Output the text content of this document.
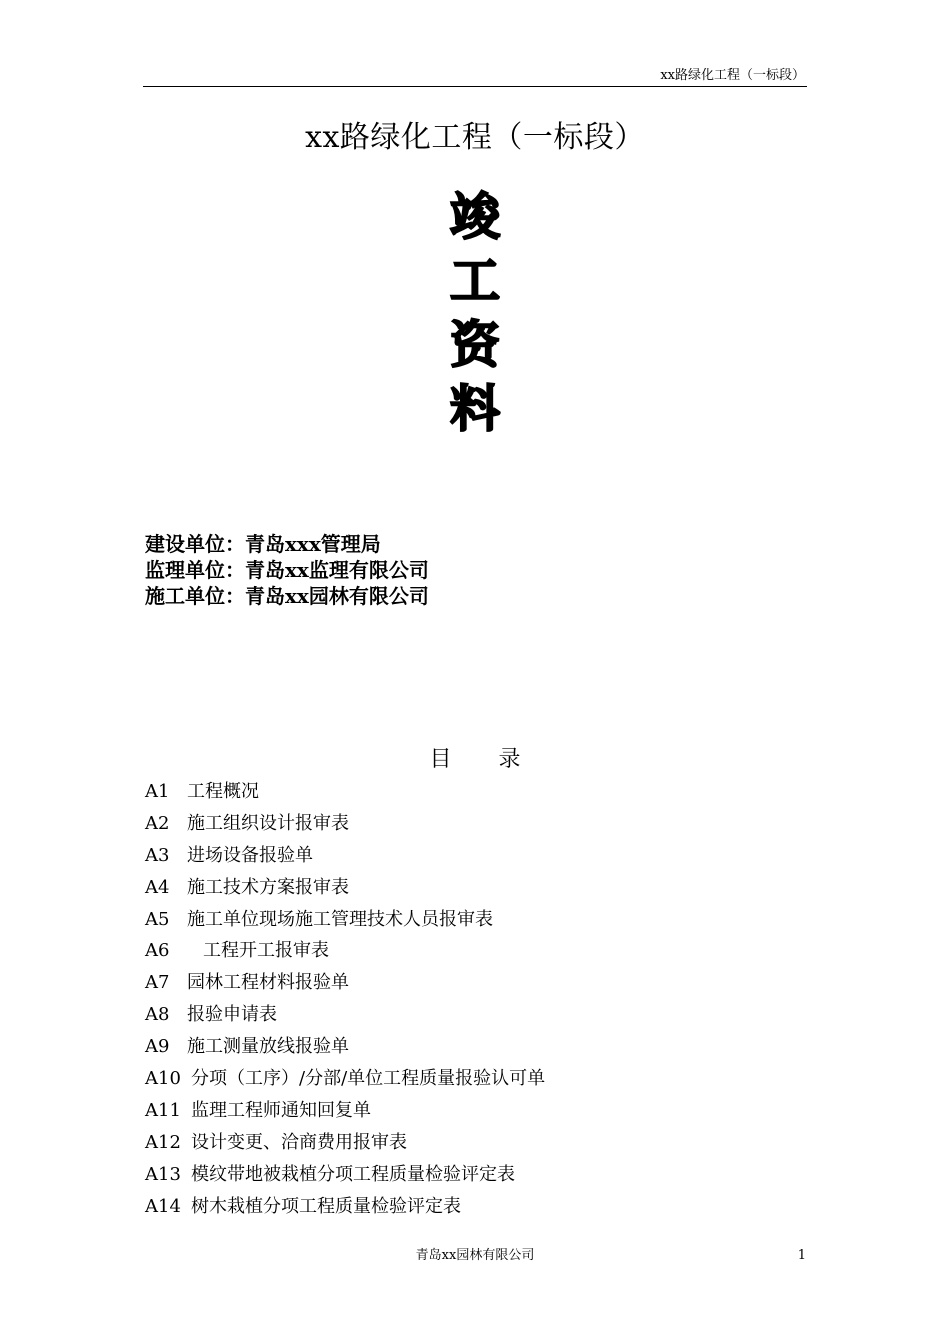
xx路绿化工程（一标段）
xx路绿化工程（一标段）
竣
工
资
料
建设单位：青岛xxx管理局
监理单位：青岛xx监理有限公司
施工单位：青岛xx园林有限公司
目 录
A1 工程概况
A2 施工组织设计报审表
A3 进场设备报验单
A4 施工技术方案报审表
A5 施工单位现场施工管理技术人员报审表
A6 工程开工报审表
A7 园林工程材料报验单
A8 报验申请表
A9 施工测量放线报验单
A10 分项（工序）/分部/单位工程质量报验认可单
A11 监理工程师通知回复单
A12 设计变更、洽商费用报审表
A13 模纹带地被栽植分项工程质量检验评定表
A14 树木栽植分项工程质量检验评定表
青岛xx园林有限公司	1
